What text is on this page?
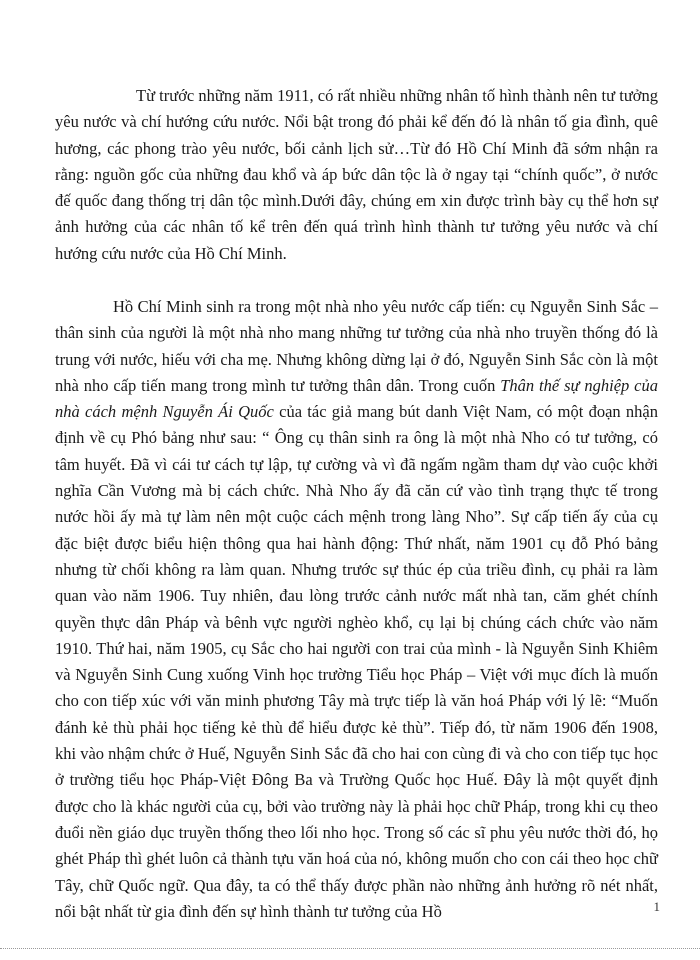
Từ trước những năm 1911, có rất nhiều những nhân tố hình thành nên tư tưởng yêu nước và chí hướng cứu nước. Nổi bật trong đó phải kể đến đó là nhân tố gia đình, quê hương, các phong trào yêu nước, bối cảnh lịch sử…Từ đó Hồ Chí Minh đã sớm nhận ra rằng: nguồn gốc của những đau khổ và áp bức dân tộc là ở ngay tại “chính quốc”, ở nước đế quốc đang thống trị dân tộc mình.Dưới đây, chúng em xin được trình bày cụ thể hơn sự ảnh hưởng của các nhân tố kể trên đến quá trình hình thành tư tưởng yêu nước và chí hướng cứu nước của Hồ Chí Minh.

Hồ Chí Minh sinh ra trong một nhà nho yêu nước cấp tiến: cụ Nguyễn Sinh Sắc – thân sinh của người là một nhà nho mang những tư tưởng của nhà nho truyền thống đó là trung với nước, hiếu với cha mẹ. Nhưng không dừng lại ở đó, Nguyễn Sinh Sắc còn là một nhà nho cấp tiến mang trong mình tư tưởng thân dân. Trong cuốn Thân thế sự nghiệp của nhà cách mệnh Nguyễn Ái Quốc của tác giả mang bút danh Việt Nam, có một đoạn nhận định về cụ Phó bảng như sau: “ Ông cụ thân sinh ra ông là một nhà Nho có tư tưởng, có tâm huyết. Đã vì cái tư cách tự lập, tự cường và vì đã ngấm ngầm tham dự vào cuộc khởi nghĩa Cần Vương mà bị cách chức. Nhà Nho ấy đã căn cứ vào tình trạng thực tế trong nước hồi ấy mà tự làm nên một cuộc cách mệnh trong làng Nho”. Sự cấp tiến ấy của cụ đặc biệt được biểu hiện thông qua hai hành động: Thứ nhất, năm 1901 cụ đỗ Phó bảng nhưng từ chối không ra làm quan. Nhưng trước sự thúc ép của triều đình, cụ phải ra làm quan vào năm 1906. Tuy nhiên, đau lòng trước cảnh nước mất nhà tan, căm ghét chính quyền thực dân Pháp và bênh vực người nghèo khổ, cụ lại bị chúng cách chức vào năm 1910. Thứ hai, năm 1905, cụ Sắc cho hai người con trai của mình - là Nguyễn Sinh Khiêm và Nguyễn Sinh Cung xuống Vinh học trường Tiểu học Pháp – Việt với mục đích là muốn cho con tiếp xúc với văn minh phương Tây mà trực tiếp là văn hoá Pháp với lý lẽ: “Muốn đánh kẻ thù phải học tiếng kẻ thù để hiểu được kẻ thù”. Tiếp đó, từ năm 1906 đến 1908, khi vào nhậm chức ở Huế, Nguyễn Sinh Sắc đã cho hai con cùng đi và cho con tiếp tục học ở trường tiểu học Pháp-Việt Đông Ba và Trường Quốc học Huế. Đây là một quyết định được cho là khác người của cụ, bởi vào trường này là phải học chữ Pháp, trong khi cụ theo đuổi nền giáo dục truyền thống theo lối nho học. Trong số các sĩ phu yêu nước thời đó, họ ghét Pháp thì ghét luôn cả thành tựu văn hoá của nó, không muốn cho con cái theo học chữ Tây, chữ Quốc ngữ. Qua đây, ta có thể thấy được phần nào những ảnh hưởng rõ nét nhất, nổi bật nhất từ gia đình đến sự hình thành tư tưởng của Hồ	1
